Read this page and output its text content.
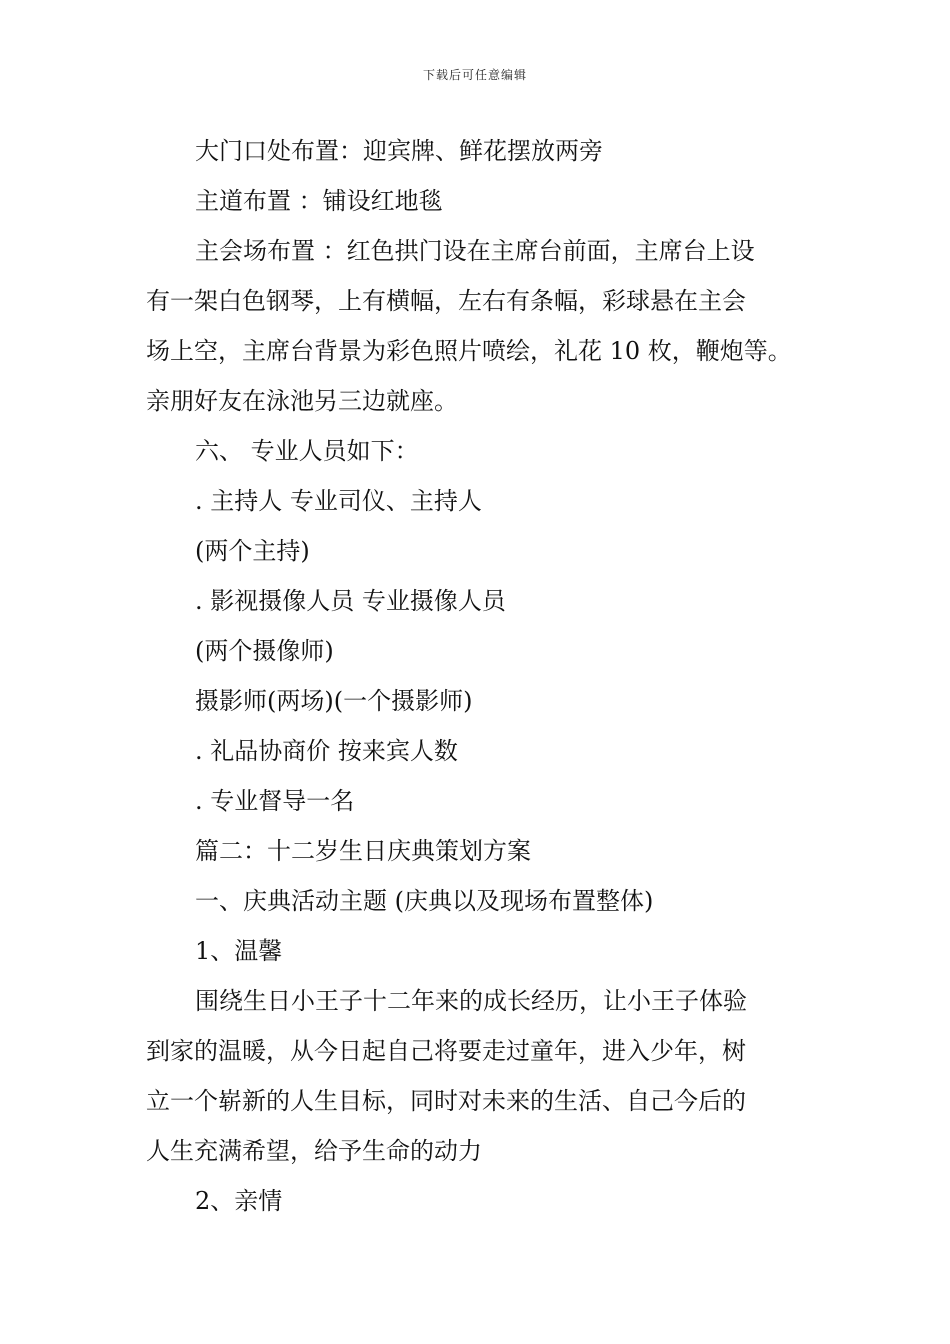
下载后可任意编辑
大门口处布置：迎宾牌、鲜花摆放两旁
主道布置 ：铺设红地毯
主会场布置 ：红色拱门设在主席台前面，主席台上设
有一架白色钢琴，上有横幅，左右有条幅，彩球悬在主会
场上空，主席台背景为彩色照片喷绘，礼花 10 枚，鞭炮等。
亲朋好友在泳池另三边就座。
六、 专业人员如下：
. 主持人 专业司仪、主持人
(两个主持)
. 影视摄像人员 专业摄像人员
(两个摄像师)
摄影师(两场)(一个摄影师)
. 礼品协商价 按来宾人数
. 专业督导一名
篇二：十二岁生日庆典策划方案
一、庆典活动主题 (庆典以及现场布置整体)
1、温馨
围绕生日小王子十二年来的成长经历，让小王子体验
到家的温暖，从今日起自己将要走过童年，进入少年，树
立一个崭新的人生目标，同时对未来的生活、自己今后的
人生充满希望，给予生命的动力
2、亲情
